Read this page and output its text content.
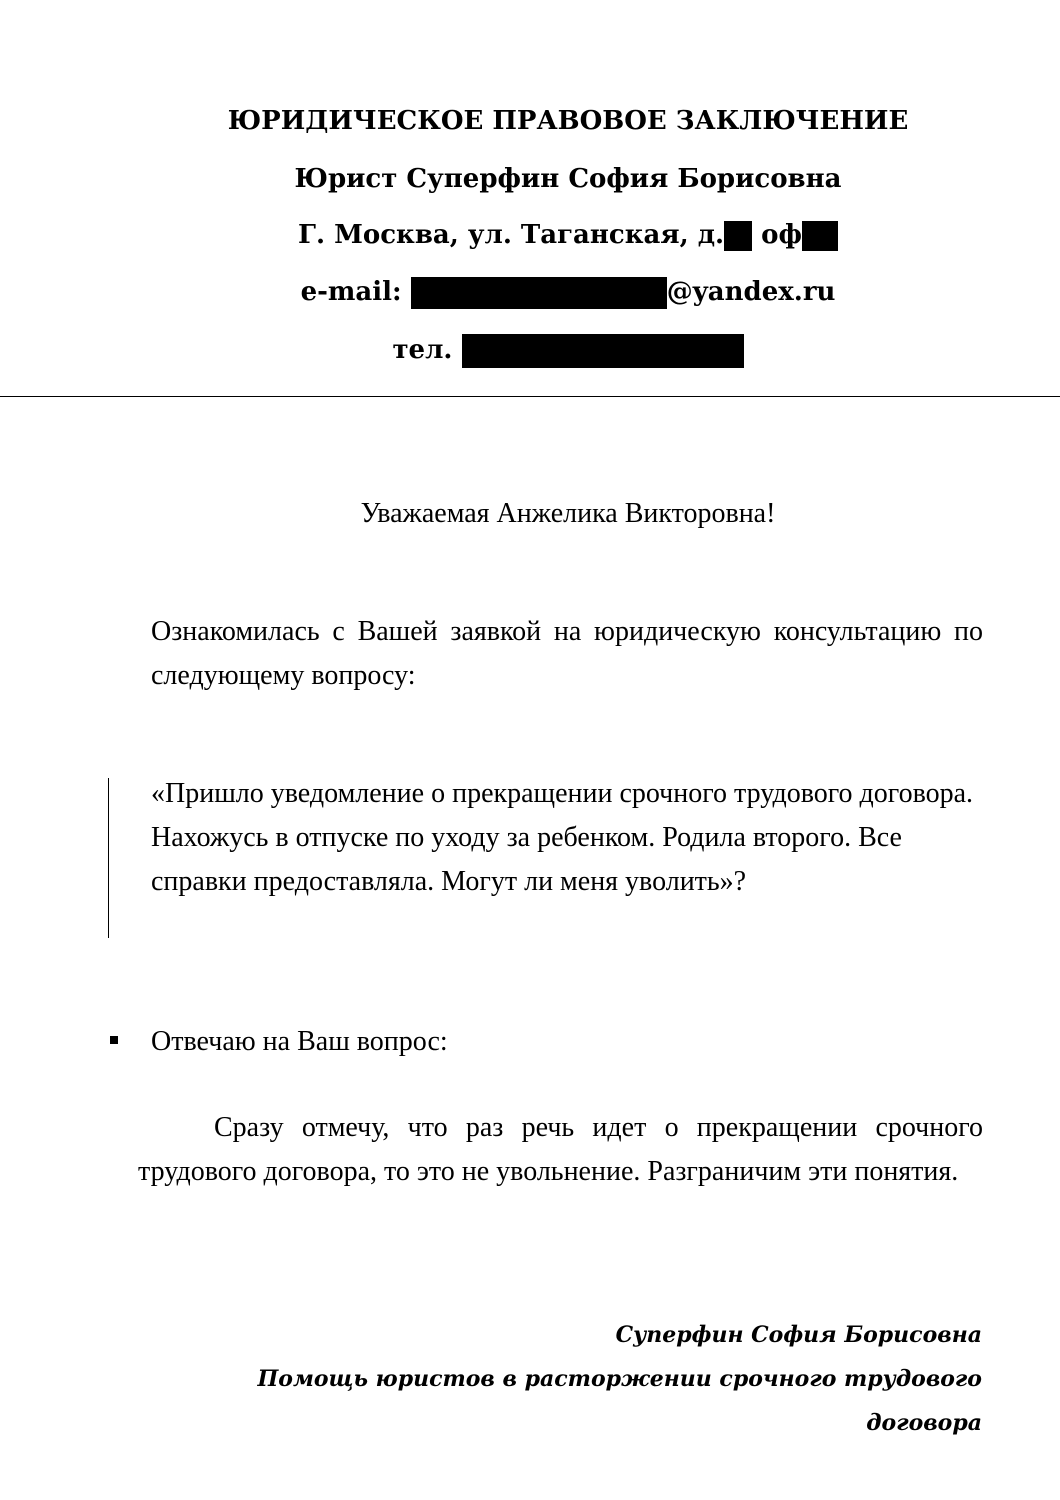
ЮРИДИЧЕСКОЕ ПРАВОВОЕ ЗАКЛЮЧЕНИЕ
Юрист Суперфин София Борисовна
Г. Москва, ул. Таганская, д. оф
e-mail:	@yandex.ru
тел.
Уважаемая Анжелика Викторовна!
Ознакомилась с Вашей заявкой на юридическую консультацию по следующему вопросу:
«Пришло уведомление о прекращении срочного трудового договора. Нахожусь в отпуске по уходу за ребенком. Родила второго. Все справки предоставляла. Могут ли меня уволить»?
Отвечаю на Ваш вопрос:
Сразу отмечу, что раз речь идет о прекращении срочного трудового договора, то это не увольнение. Разграничим эти понятия.
Суперфин София Борисовна
Помощь юристов в расторжении срочного трудового
договора
